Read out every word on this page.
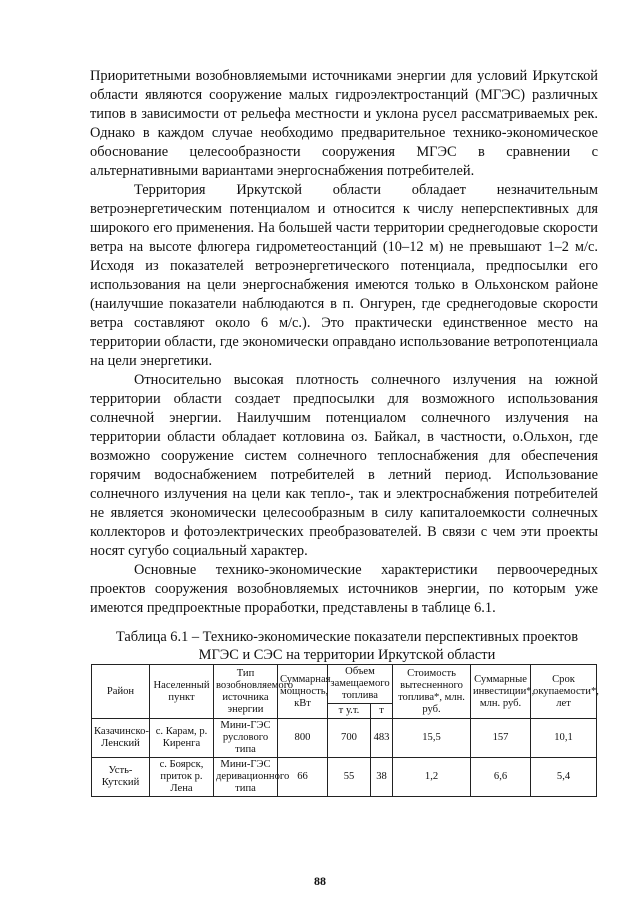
Приоритетными возобновляемыми источниками энергии для условий Иркутской области являются сооружение малых гидроэлектростанций (МГЭС) различных типов в зависимости от рельефа местности и уклона русел рассматриваемых рек. Однако в каждом случае необходимо предварительное технико-экономическое обоснование целесообразности сооружения МГЭС в сравнении с альтернативными вариантами энергоснабжения потребителей.

Территория Иркутской области обладает незначительным ветроэнергетическим потенциалом и относится к числу неперспективных для широкого его применения. На большей части территории среднегодовые скорости ветра на высоте флюгера гидрометеостанций (10–12 м) не превышают 1–2 м/с. Исходя из показателей ветроэнергетического потенциала, предпосылки его использования на цели энергоснабжения имеются только в Ольхонском районе (наилучшие показатели наблюдаются в п. Онгурен, где среднегодовые скорости ветра составляют около 6 м/с.). Это практически единственное место на территории области, где экономически оправдано использование ветропотенциала на цели энергетики.

Относительно высокая плотность солнечного излучения на южной территории области создает предпосылки для возможного использования солнечной энергии. Наилучшим потенциалом солнечного излучения на территории области обладает котловина оз. Байкал, в частности, о.Ольхон, где возможно сооружение систем солнечного теплоснабжения для обеспечения горячим водоснабжением потребителей в летний период. Использование солнечного излучения на цели как тепло-, так и электроснабжения потребителей не является экономически целесообразным в силу капиталоемкости солнечных коллекторов и фотоэлектрических преобразователей. В связи с чем эти проекты носят сугубо социальный характер.

Основные технико-экономические характеристики первоочередных проектов сооружения возобновляемых источников энергии, по которым уже имеются предпроектные проработки, представлены в таблице 6.1.

Таблица 6.1 – Технико-экономические показатели перспективных проектов
МГЭС и СЭС на территории Иркутской области
Район	Населенный пункт	Тип возобновляемого источника энергии	Суммарная мощность, кВт	Объем замещаемого топлива		Стоимость вытесненного топлива*, млн. руб.	Суммарные инвестиции*, млн. руб.	Срок окупаемости*, лет
				т у.т.	т			
Казачинско-Ленский	с. Карам, р. Киренга	Мини-ГЭС руслового типа	800	700	483	15,5	157	10,1
Усть-Кутский	с. Боярск, приток р. Лена	Мини-ГЭС деривационного типа	66	55	38	1,2	6,6	5,4
88
